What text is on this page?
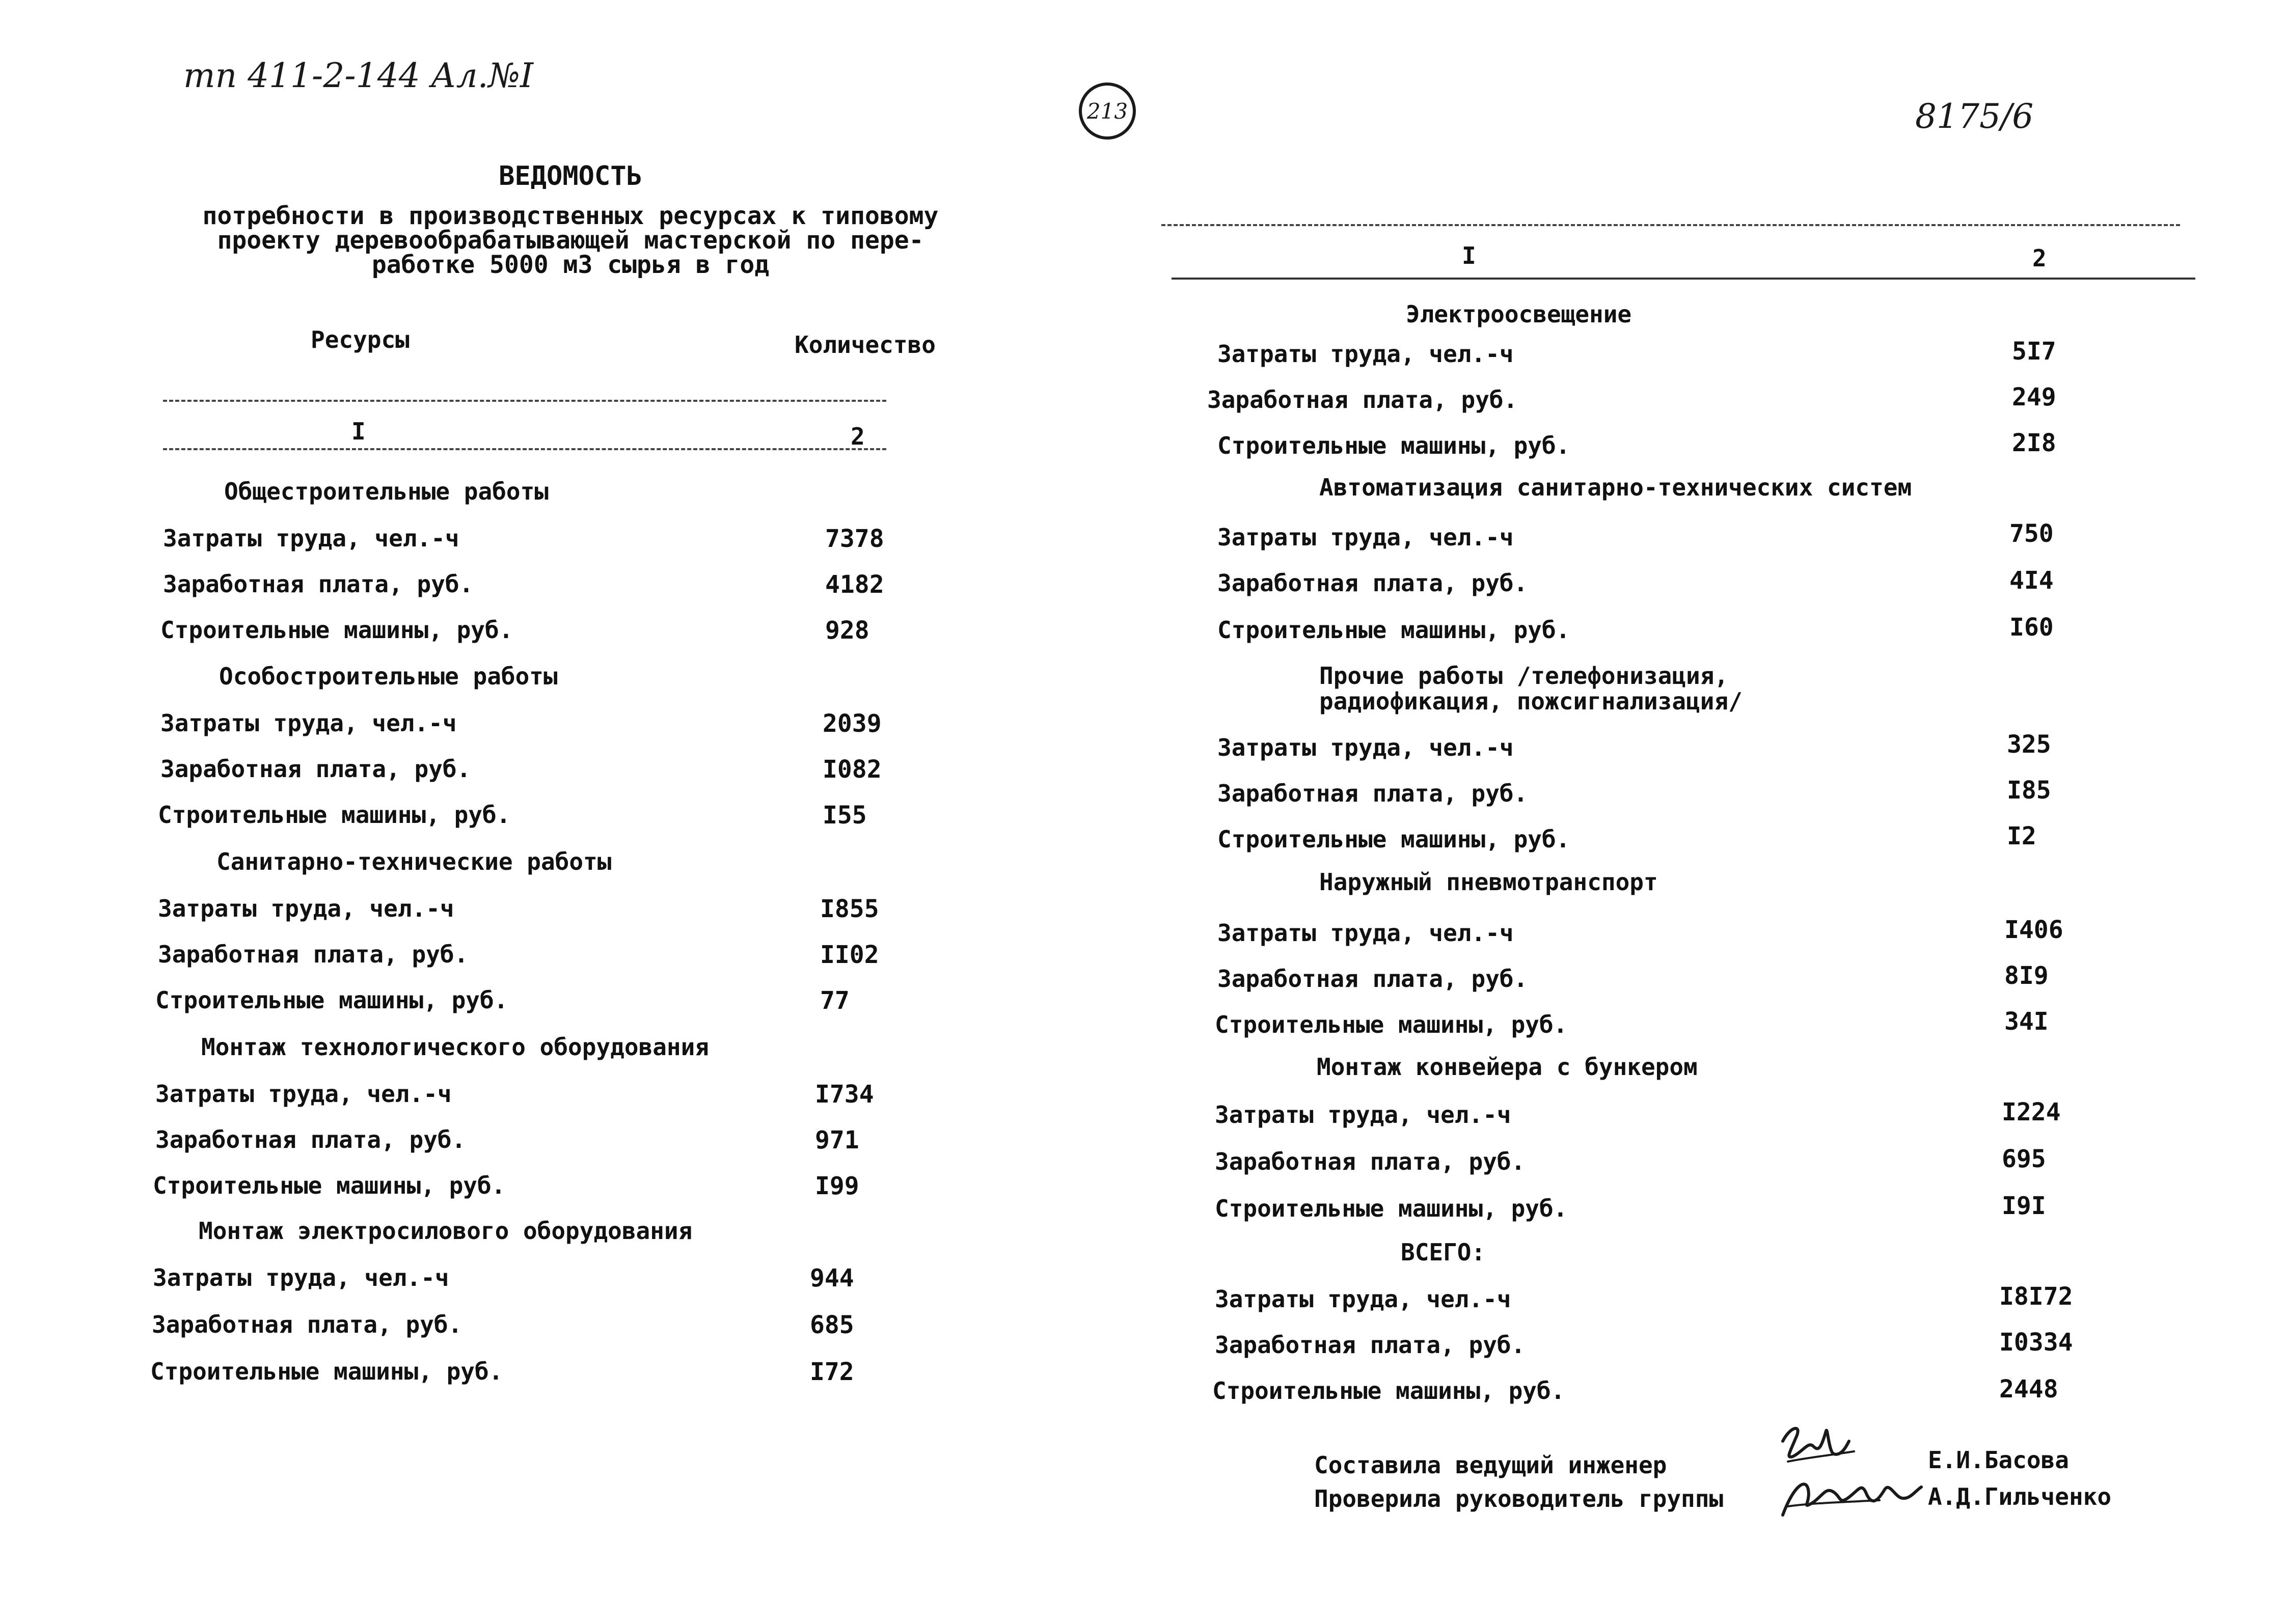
тп 411-2-144 Ал.№I
213	8175/6
ВЕДОМОСТЬ
потребности в производственных ресурсах к типовому
проекту деревообрабатывающей мастерской по пере-
работке 5000 м3 сырья в год
Ресурсы	Количество
I	2
I	2
Общестроительные работы
Затраты труда, чел.-ч	7378
Заработная плата, руб.	4182
Строительные машины, руб.	928
Особостроительные работы
Затраты труда, чел.-ч	2039
Заработная плата, руб.	I082
Строительные машины, руб.	I55
Санитарно-технические работы
Затраты труда, чел.-ч	I855
Заработная плата, руб.	II02
Строительные машины, руб.	77
Монтаж технологического оборудования
Затраты труда, чел.-ч	I734
Заработная плата, руб.	971
Строительные машины, руб.	I99
Монтаж электросилового оборудования
Затраты труда, чел.-ч	944
Заработная плата, руб.	685
Строительные машины, руб.	I72
Электроосвещение
Затраты труда, чел.-ч	5I7
Заработная плата, руб.	249
Строительные машины, руб.	2I8
Автоматизация санитарно-технических систем
Затраты труда, чел.-ч	750
Заработная плата, руб.	4I4
Строительные машины, руб.	I60
Прочие работы /телефонизация,
радиофикация, пожсигнализация/
Затраты труда, чел.-ч	325
Заработная плата, руб.	I85
Строительные машины, руб.	I2
Наружный пневмотранспорт
Затраты труда, чел.-ч	I406
Заработная плата, руб.	8I9
Строительные машины, руб.	34I
Монтаж конвейера с бункером
Затраты труда, чел.-ч	I224
Заработная плата, руб.	695
Строительные машины, руб.	I9I
ВСЕГО:
Затраты труда, чел.-ч	I8I72
Заработная плата, руб.	I0334
Строительные машины, руб.	2448
Составила ведущий инженер	Е.И.Басова
Проверила руководитель группы	А.Д.Гильченко
